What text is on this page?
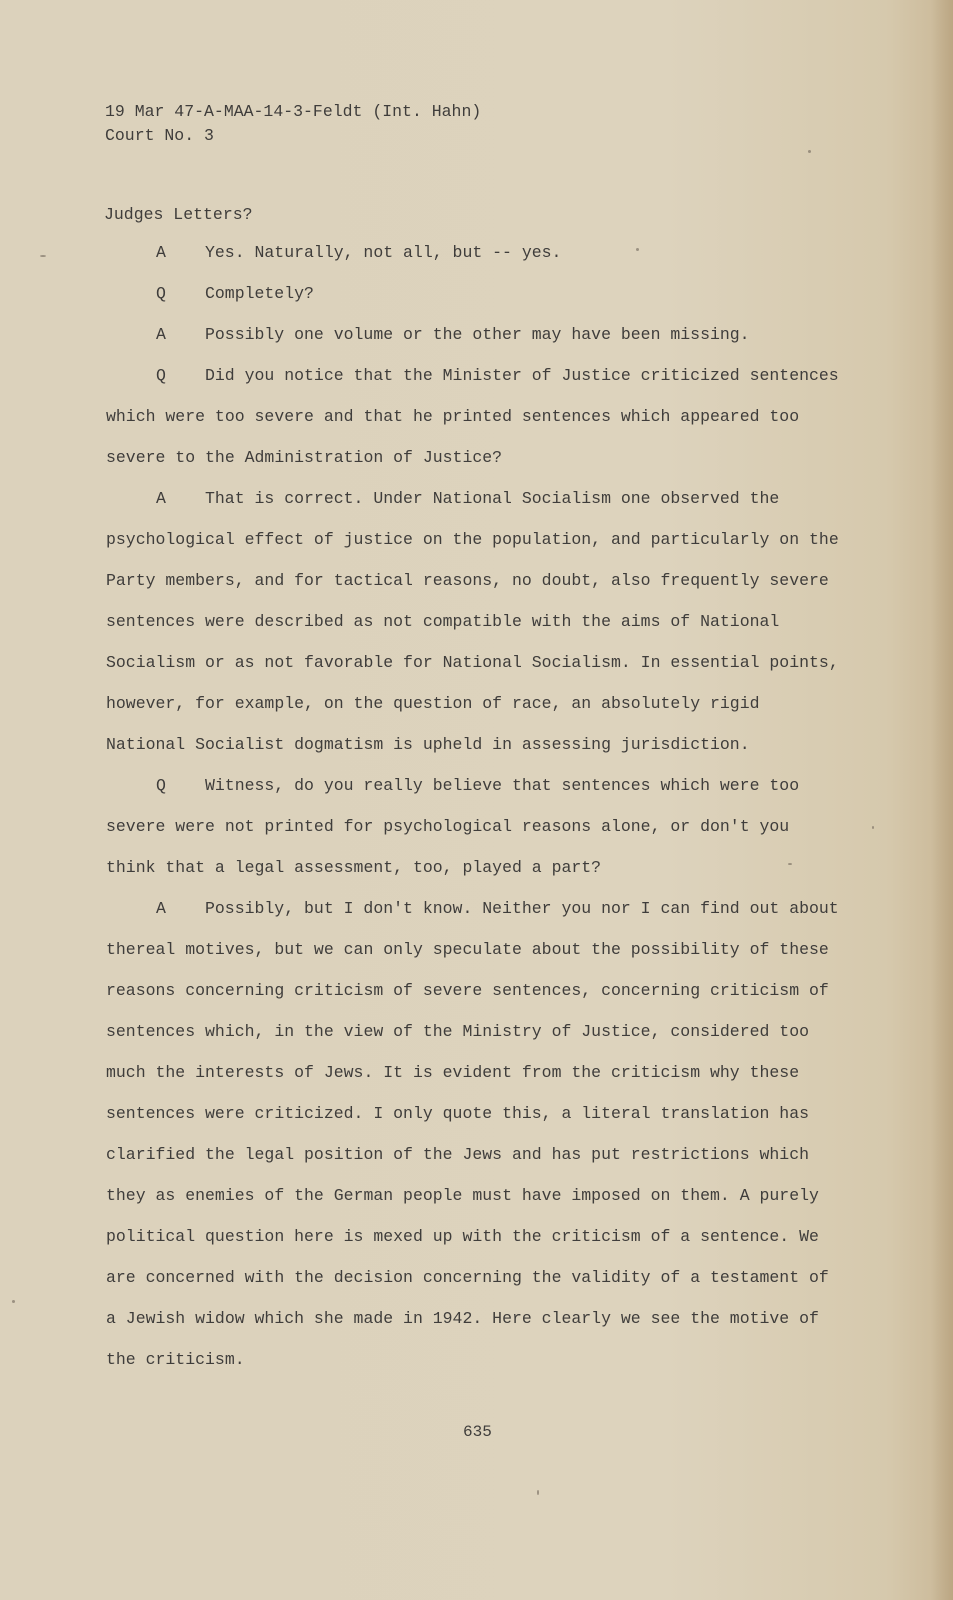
19 Mar 47-A-MAA-14-3-Feldt (Int. Hahn)
Court No. 3
Judges Letters?
A Yes. Naturally, not all, but -- yes.
Q Completely?
A Possibly one volume or the other may have been missing.
Q Did you notice that the Minister of Justice criticized sentences
which were too severe and that he printed sentences which appeared too
severe to the Administration of Justice?
A That is correct. Under National Socialism one observed the
psychological effect of justice on the population, and particularly on the
Party members, and for tactical reasons, no doubt, also frequently severe
sentences were described as not compatible with the aims of National
Socialism or as not favorable for National Socialism. In essential points,
however, for example, on the question of race, an absolutely rigid
National Socialist dogmatism is upheld in assessing jurisdiction.
Q Witness, do you really believe that sentences which were too
severe were not printed for psychological reasons alone, or don't you
think that a legal assessment, too, played a part?
A Possibly, but I don't know. Neither you nor I can find out about
thereal motives, but we can only speculate about the possibility of these
reasons concerning criticism of severe sentences, concerning criticism of
sentences which, in the view of the Ministry of Justice, considered too
much the interests of Jews. It is evident from the criticism why these
sentences were criticized. I only quote this, a literal translation has
clarified the legal position of the Jews and has put restrictions which
they as enemies of the German people must have imposed on them. A purely
political question here is mexed up with the criticism of a sentence. We
are concerned with the decision concerning the validity of a testament of
a Jewish widow which she made in 1942. Here clearly we see the motive of
the criticism.
635
